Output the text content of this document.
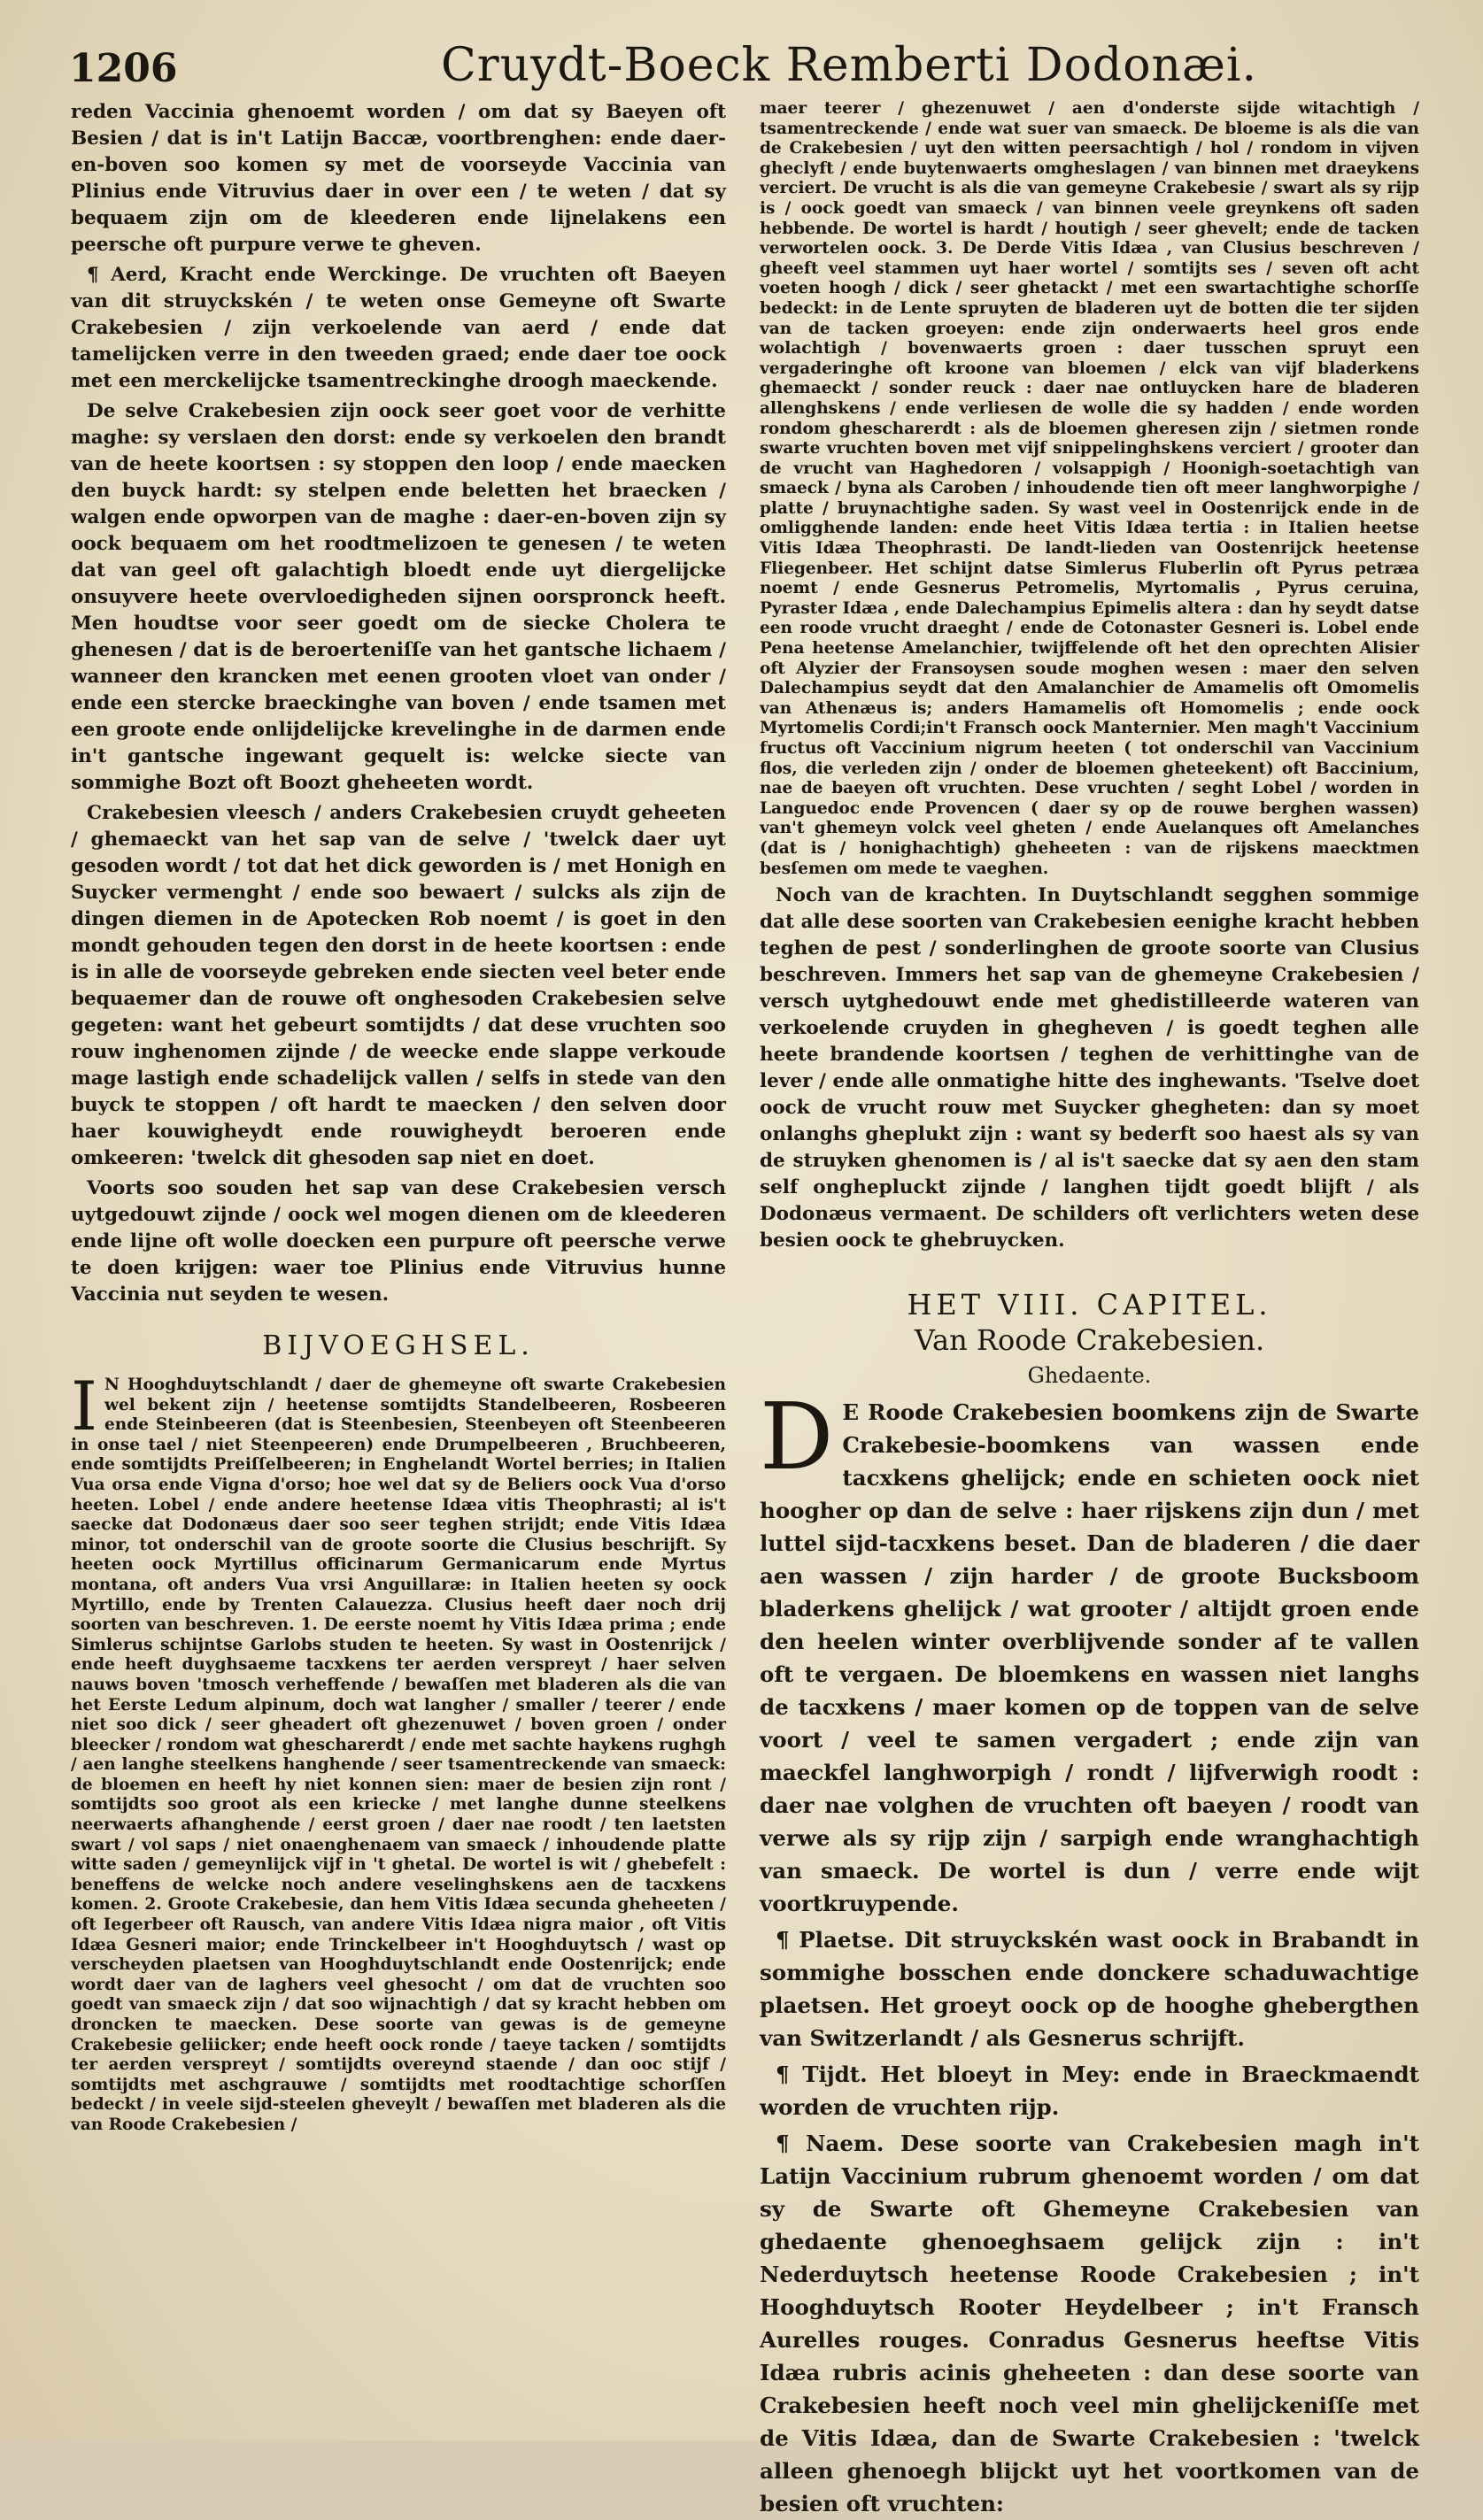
1206	Cruydt-Boeck Remberti Dodonæi.

reden Vaccinia ghenoemt worden / om dat sy Baeyen oft Besien / dat is in't Latijn Baccæ, voortbrenghen: ende daer-en-boven soo komen sy met de voorseyde Vaccinia van Plinius ende Vitruvius daer in over een / te weten / dat sy bequaem zijn om de kleederen ende lijnelakens een peersche oft purpure verwe te gheven.

¶ Aerd, Kracht ende Werckinge. De vruchten oft Baeyen van dit struyckskén / te weten onse Gemeyne oft Swarte Crakebesien / zijn verkoelende van aerd / ende dat tamelijcken verre in den tweeden graed; ende daer toe oock met een merckelijcke tsamentreckinghe droogh maeckende.

De selve Crakebesien zijn oock seer goet voor de verhitte maghe: sy verslaen den dorst: ende sy verkoelen den brandt van de heete koortsen : sy stoppen den loop / ende maecken den buyck hardt: sy stelpen ende beletten het braecken / walgen ende opworpen van de maghe : daer-en-boven zijn sy oock bequaem om het roodtmelizoen te genesen / te weten dat van geel oft galachtigh bloedt ende uyt diergelijcke onsuyvere heete overvloedigheden sijnen oorspronck heeft. Men houdtse voor seer goedt om de siecke Cholera te ghenesen / dat is de beroerteniſſe van het gantsche lichaem / wanneer den krancken met eenen grooten vloet van onder / ende een stercke braeckinghe van boven / ende tsamen met een groote ende onlijdelijcke krevelinghe in de darmen ende in't gantsche ingewant gequelt is: welcke siecte van sommighe Bozt oft Boozt gheheeten wordt.

Crakebesien vleesch / anders Crakebesien cruydt geheeten / ghemaeckt van het sap van de selve / 'twelck daer uyt gesoden wordt / tot dat het dick geworden is / met Honigh en Suycker vermenght / ende soo bewaert / sulcks als zijn de dingen diemen in de Apotecken Rob noemt / is goet in den mondt gehouden tegen den dorst in de heete koortsen : ende is in alle de voorseyde gebreken ende siecten veel beter ende bequaemer dan de rouwe oft onghesoden Crakebesien selve gegeten: want het gebeurt somtijdts / dat dese vruchten soo rouw inghenomen zijnde / de weecke ende slappe verkoude mage lastigh ende schadelijck vallen / selfs in stede van den buyck te stoppen / oft hardt te maecken / den selven door haer kouwigheydt ende rouwigheydt beroeren ende omkeeren: 'twelck dit ghesoden sap niet en doet.

Voorts soo souden het sap van dese Crakebesien versch uytgedouwt zijnde / oock wel mogen dienen om de kleederen ende lijne oft wolle doecken een purpure oft peersche verwe te doen krijgen: waer toe Plinius ende Vitruvius hunne Vaccinia nut seyden te wesen.

BIJVOEGHSEL.
I N Hooghduytschlandt / daer de ghemeyne oft swarte Crakebesien wel bekent zijn / heetense somtijdts Standelbeeren, Rosbeeren ende Steinbeeren (dat is Steenbesien, Steenbeyen oft Steenbeeren in onse tael / niet Steenpeeren) ende Drumpelbeeren , Bruchbeeren, ende somtijdts Preiſſelbeeren; in Enghelandt Wortel berries; in Italien Vua orsa ende Vigna d'orso; hoe wel dat sy de Beliers oock Vua d'orso heeten. Lobel / ende andere heetense Idæa vitis Theophrasti; al is't saecke dat Dodonæus daer soo seer teghen strijdt; ende Vitis Idæa minor, tot onderschil van de groote soorte die Clusius beschrijft. Sy heeten oock Myrtillus officinarum Germanicarum ende Myrtus montana, oft anders Vua vrsi Anguillaræ: in Italien heeten sy oock Myrtillo, ende by Trenten Calauezza. Clusius heeft daer noch drij soorten van beschreven. 1. De eerste noemt hy Vitis Idæa prima ; ende Simlerus schijntse Garlobs studen te heeten. Sy wast in Oostenrijck / ende heeft duyghsaeme tacxkens ter aerden verspreyt / haer selven nauws boven 'tmosch verheffende / bewaſſen met bladeren als die van het Eerste Ledum alpinum, doch wat langher / smaller / teerer / ende niet soo dick / seer gheadert oft ghezenuwet / boven groen / onder bleecker / rondom wat ghescharerdt / ende met sachte haykens rughgh / aen langhe steelkens hanghende / seer tsamentreckende van smaeck: de bloemen en heeft hy niet konnen sien: maer de besien zijn ront / somtijdts soo groot als een kriecke / met langhe dunne steelkens neerwaerts afhanghende / eerst groen / daer nae roodt / ten laetsten swart / vol saps / niet onaenghenaem van smaeck / inhoudende platte witte saden / gemeynlijck vijf in 't ghetal. De wortel is wit / ghebefelt : beneffens de welcke noch andere veselinghskens aen de tacxkens komen. 2. Groote Crakebesie, dan hem Vitis Idæa secunda gheheeten / oft Iegerbeer oft Rausch, van andere Vitis Idæa nigra maior , oft Vitis Idæa Gesneri maior; ende Trinckelbeer in't Hooghduytsch / wast op verscheyden plaetsen van Hooghduytschlandt ende Oostenrijck; ende wordt daer van de laghers veel ghesocht / om dat de vruchten soo goedt van smaeck zijn / dat soo wijnachtigh / dat sy kracht hebben om droncken te maecken. Dese soorte van gewas is de gemeyne Crakebesie geliicker; ende heeft oock ronde / taeye tacken / somtijdts ter aerden verspreyt / somtijdts overeynd staende / dan ooc stijf / somtijdts met aschgrauwe / somtijdts met roodtachtige schorſſen bedeckt / in veele sijd-steelen gheveylt / bewaſſen met bladeren als die van Roode Crakebesien /

maer teerer / ghezenuwet / aen d'onderste sijde witachtigh / tsamentreckende / ende wat suer van smaeck. De bloeme is als die van de Crakebesien / uyt den witten peersachtigh / hol / rondom in vijven gheclyft / ende buytenwaerts omgheslagen / van binnen met draeykens verciert. De vrucht is als die van gemeyne Crakebesie / swart als sy rijp is / oock goedt van smaeck / van binnen veele greynkens oft saden hebbende. De wortel is hardt / houtigh / seer ghevelt; ende de tacken verwortelen oock. 3. De Derde Vitis Idæa , van Clusius beschreven / gheeft veel stammen uyt haer wortel / somtijts ses / seven oft acht voeten hoogh / dick / seer ghetackt / met een swartachtighe schorſſe bedeckt: in de Lente spruyten de bladeren uyt de botten die ter sijden van de tacken groeyen: ende zijn onderwaerts heel gros ende wolachtigh / bovenwaerts groen : daer tusschen spruyt een vergaderinghe oft kroone van bloemen / elck van vijf bladerkens ghemaeckt / sonder reuck : daer nae ontluycken hare de bladeren allenghskens / ende verliesen de wolle die sy hadden / ende worden rondom ghescharerdt : als de bloemen gheresen zijn / sietmen ronde swarte vruchten boven met vijf snippelinghskens verciert / grooter dan de vrucht van Haghedoren / volsappigh / Hoonigh-soetachtigh van smaeck / byna als Caroben / inhoudende tien oft meer langhworpighe / platte / bruynachtighe saden. Sy wast veel in Oostenrijck ende in de omligghende landen: ende heet Vitis Idæa tertia : in Italien heetse Vitis Idæa Theophrasti. De landt-lieden van Oostenrijck heetense Fliegenbeer. Het schijnt datse Simlerus Fluberlin oft Pyrus petræa noemt / ende Gesnerus Petromelis, Myrtomalis , Pyrus ceruina, Pyraster Idæa , ende Dalechampius Epimelis altera : dan hy seydt datse een roode vrucht draeght / ende de Cotonaster Gesneri is. Lobel ende Pena heetense Amelanchier, twijffelende oft het den oprechten Alisier oft Alyzier der Fransoysen soude moghen wesen : maer den selven Dalechampius seydt dat den Amalanchier de Amamelis oft Omomelis van Athenæus is; anders Hamamelis oft Homomelis ; ende oock Myrtomelis Cordi;in't Fransch oock Manternier. Men magh't Vaccinium fructus oft Vaccinium nigrum heeten ( tot onderschil van Vaccinium flos, die verleden zijn / onder de bloemen gheteekent) oft Baccinium, nae de baeyen oft vruchten. Dese vruchten / seght Lobel / worden in Languedoc ende Provencen ( daer sy op de rouwe berghen wassen) van't ghemeyn volck veel gheten / ende Auelanques oft Amelanches (dat is / honighachtigh) gheheeten : van de rijskens maecktmen besſemen om mede te vaeghen.

Noch van de krachten. In Duytschlandt segghen sommige dat alle dese soorten van Crakebesien eenighe kracht hebben teghen de pest / sonderlinghen de groote soorte van Clusius beschreven. Immers het sap van de ghemeyne Crakebesien / versch uytghedouwt ende met ghedistilleerde wateren van verkoelende cruyden in ghegheven / is goedt teghen alle heete brandende koortsen / teghen de verhittinghe van de lever / ende alle onmatighe hitte des inghewants. 'Tselve doet oock de vrucht rouw met Suycker ghegheten: dan sy moet onlanghs gheplukt zijn : want sy bederft soo haest als sy van de struyken ghenomen is / al is't saecke dat sy aen den stam self onghepluckt zijnde / langhen tijdt goedt blijft / als Dodonæus vermaent. De schilders oft verlichters weten dese besien oock te ghebruycken.

HET VIII. CAPITEL.
Van Roode Crakebesien.
Ghedaente.
D E Roode Crakebesien boomkens zijn de Swarte Crakebesie-boomkens van wassen ende tacxkens ghelijck; ende en schieten oock niet hoogher op dan de selve : haer rijskens zijn dun / met luttel sijd-tacxkens beset. Dan de bladeren / die daer aen wassen / zijn harder / de groote Bucksboom bladerkens ghelijck / wat grooter / altijdt groen ende den heelen winter overblijvende sonder af te vallen oft te vergaen. De bloemkens en wassen niet langhs de tacxkens / maer komen op de toppen van de selve voort / veel te samen vergadert ; ende zijn van maeckfel langhworpigh / rondt / lijfverwigh roodt : daer nae volghen de vruchten oft baeyen / roodt van verwe als sy rijp zijn / sarpigh ende wranghachtigh van smaeck. De wortel is dun / verre ende wijt voortkruypende.

¶ Plaetse. Dit struyckskén wast oock in Brabandt in sommighe bosschen ende donckere schaduwachtige plaetsen. Het groeyt oock op de hooghe ghebergthen van Switzerlandt / als Gesnerus schrijft.

¶ Tijdt. Het bloeyt in Mey: ende in Braeckmaendt worden de vruchten rijp.

¶ Naem. Dese soorte van Crakebesien magh in't Latijn Vaccinium rubrum ghenoemt worden / om dat sy de Swarte oft Ghemeyne Crakebesien van ghedaente ghenoeghsaem gelijck zijn : in't Nederduytsch heetense Roode Crakebesien ; in't Hooghduytsch Rooter Heydelbeer ; in't Fransch Aurelles rouges. Conradus Gesnerus heeftse Vitis Idæa rubris acinis gheheeten : dan dese soorte van Crakebesien heeft noch veel min ghelijckeniſſe met de Vitis Idæa, dan de Swarte Crakebesien : 'twelck alleen ghenoegh blijckt uyt het voortkomen van de besien oft vruchten:
